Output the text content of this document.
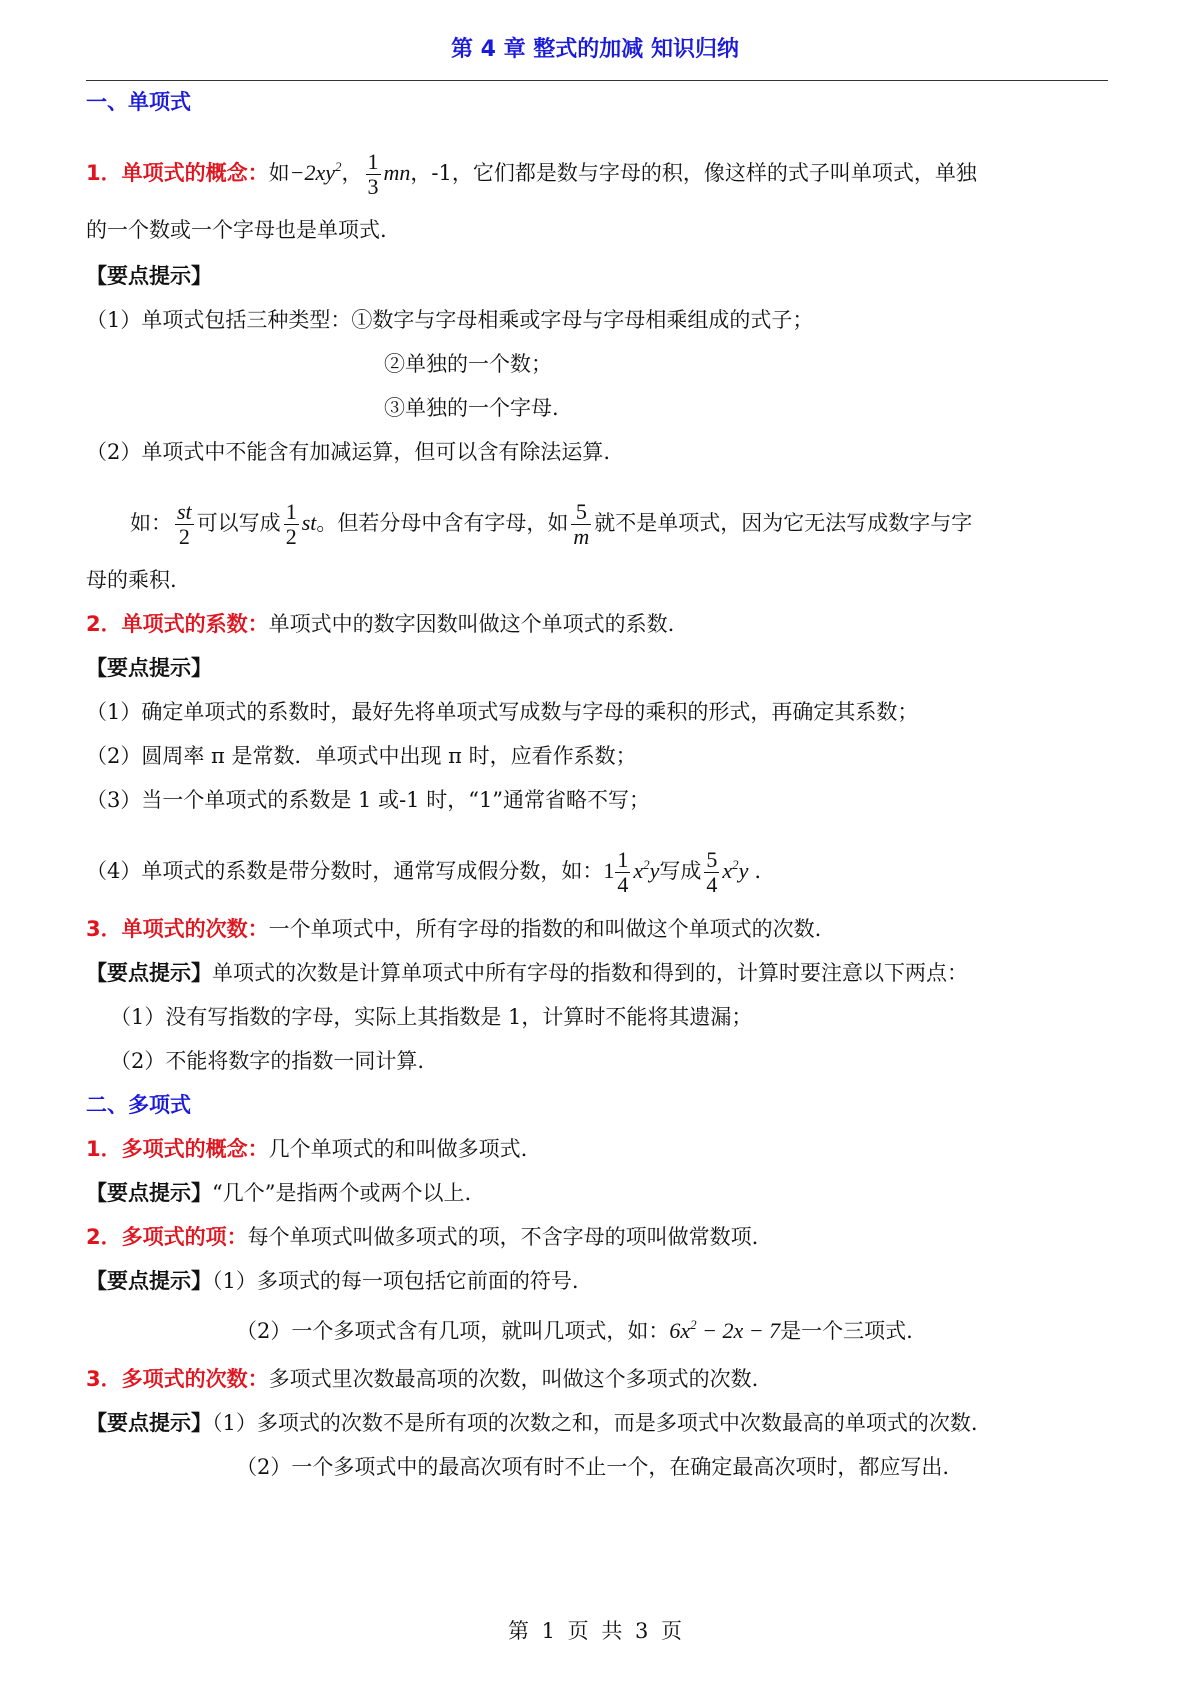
第 4 章 整式的加减 知识归纳
一、单项式
1．单项式的概念：如$-2xy^2$， $\frac{1}{3}$ mn，-1，它们都是数与字母的积，像这样的式子叫单项式，单独
的一个数或一个字母也是单项式.
【要点提示】
（1）单项式包括三种类型：①数字与字母相乘或字母与字母相乘组成的式子；
②单独的一个数；
③单独的一个字母.
（2）单项式中不能含有加减运算，但可以含有除法运算.
如： $\frac{st}{2}$ 可以写成 $\frac{1}{2}$ st。但若分母中含有字母，如 $\frac{5}{m}$ 就不是单项式，因为它无法写成数字与字
母的乘积.
2．单项式的系数：单项式中的数字因数叫做这个单项式的系数.
【要点提示】
（1）确定单项式的系数时，最好先将单项式写成数与字母的乘积的形式，再确定其系数；
（2）圆周率 π 是常数．单项式中出现 π 时，应看作系数；
（3）当一个单项式的系数是 1 或-1 时，“1”通常省略不写；
（4）单项式的系数是带分数时，通常写成假分数，如：$1 \frac{1}{4} x^2y$写成 $\frac{5}{4} x^2y$ .
3．单项式的次数：一个单项式中，所有字母的指数的和叫做这个单项式的次数.
【要点提示】单项式的次数是计算单项式中所有字母的指数和得到的，计算时要注意以下两点：
（1）没有写指数的字母，实际上其指数是 1，计算时不能将其遗漏；
（2）不能将数字的指数一同计算.
二、多项式
1．多项式的概念：几个单项式的和叫做多项式.
【要点提示】“几个”是指两个或两个以上.
2．多项式的项：每个单项式叫做多项式的项，不含字母的项叫做常数项.
【要点提示】（1）多项式的每一项包括它前面的符号.
（2）一个多项式含有几项，就叫几项式，如：$6x^2 - 2x - 7$是一个三项式.
3．多项式的次数：多项式里次数最高项的次数，叫做这个多项式的次数.
【要点提示】（1）多项式的次数不是所有项的次数之和，而是多项式中次数最高的单项式的次数.
（2）一个多项式中的最高次项有时不止一个，在确定最高次项时，都应写出.
第 1 页 共 3 页
